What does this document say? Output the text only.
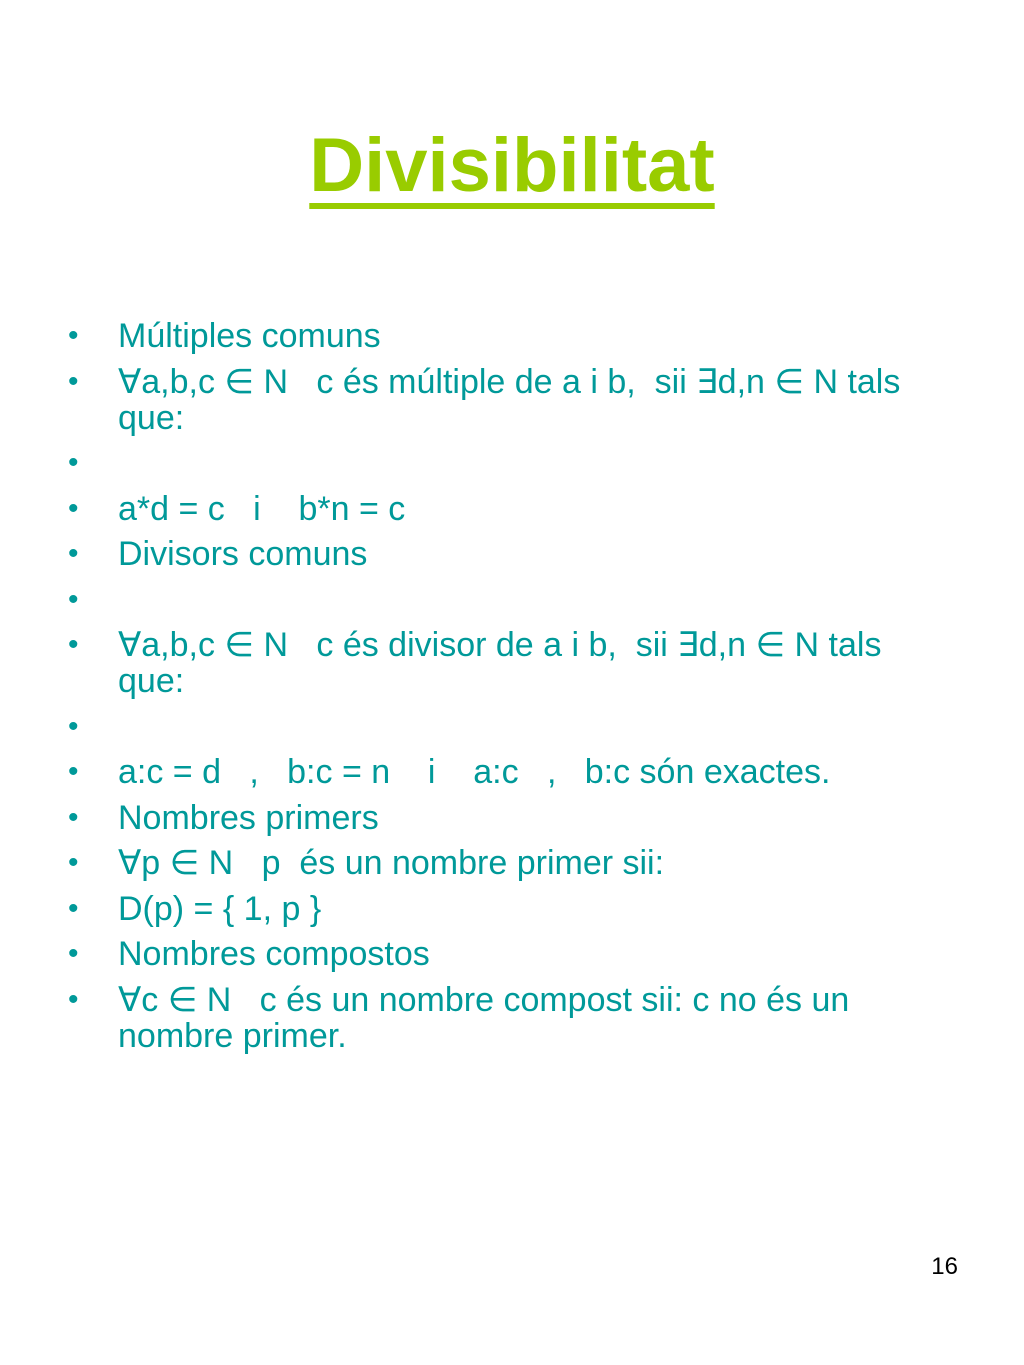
Divisibilitat
• Múltiples comuns
• ∀a,b,c ∈ N   c és múltiple de a i b,  sii ∃d,n ∈ N tals que:
•
• a*d = c   i    b*n = c
• Divisors comuns
•
• ∀a,b,c ∈ N   c és divisor de a i b,  sii ∃d,n ∈ N tals que:
•
• a:c = d   ,   b:c = n    i    a:c   ,   b:c són exactes.
• Nombres primers
• ∀p ∈ N   p  és un nombre primer sii:
• D(p) = { 1, p }
• Nombres compostos
• ∀c ∈ N   c és un nombre compost sii: c no és un nombre primer.
16
